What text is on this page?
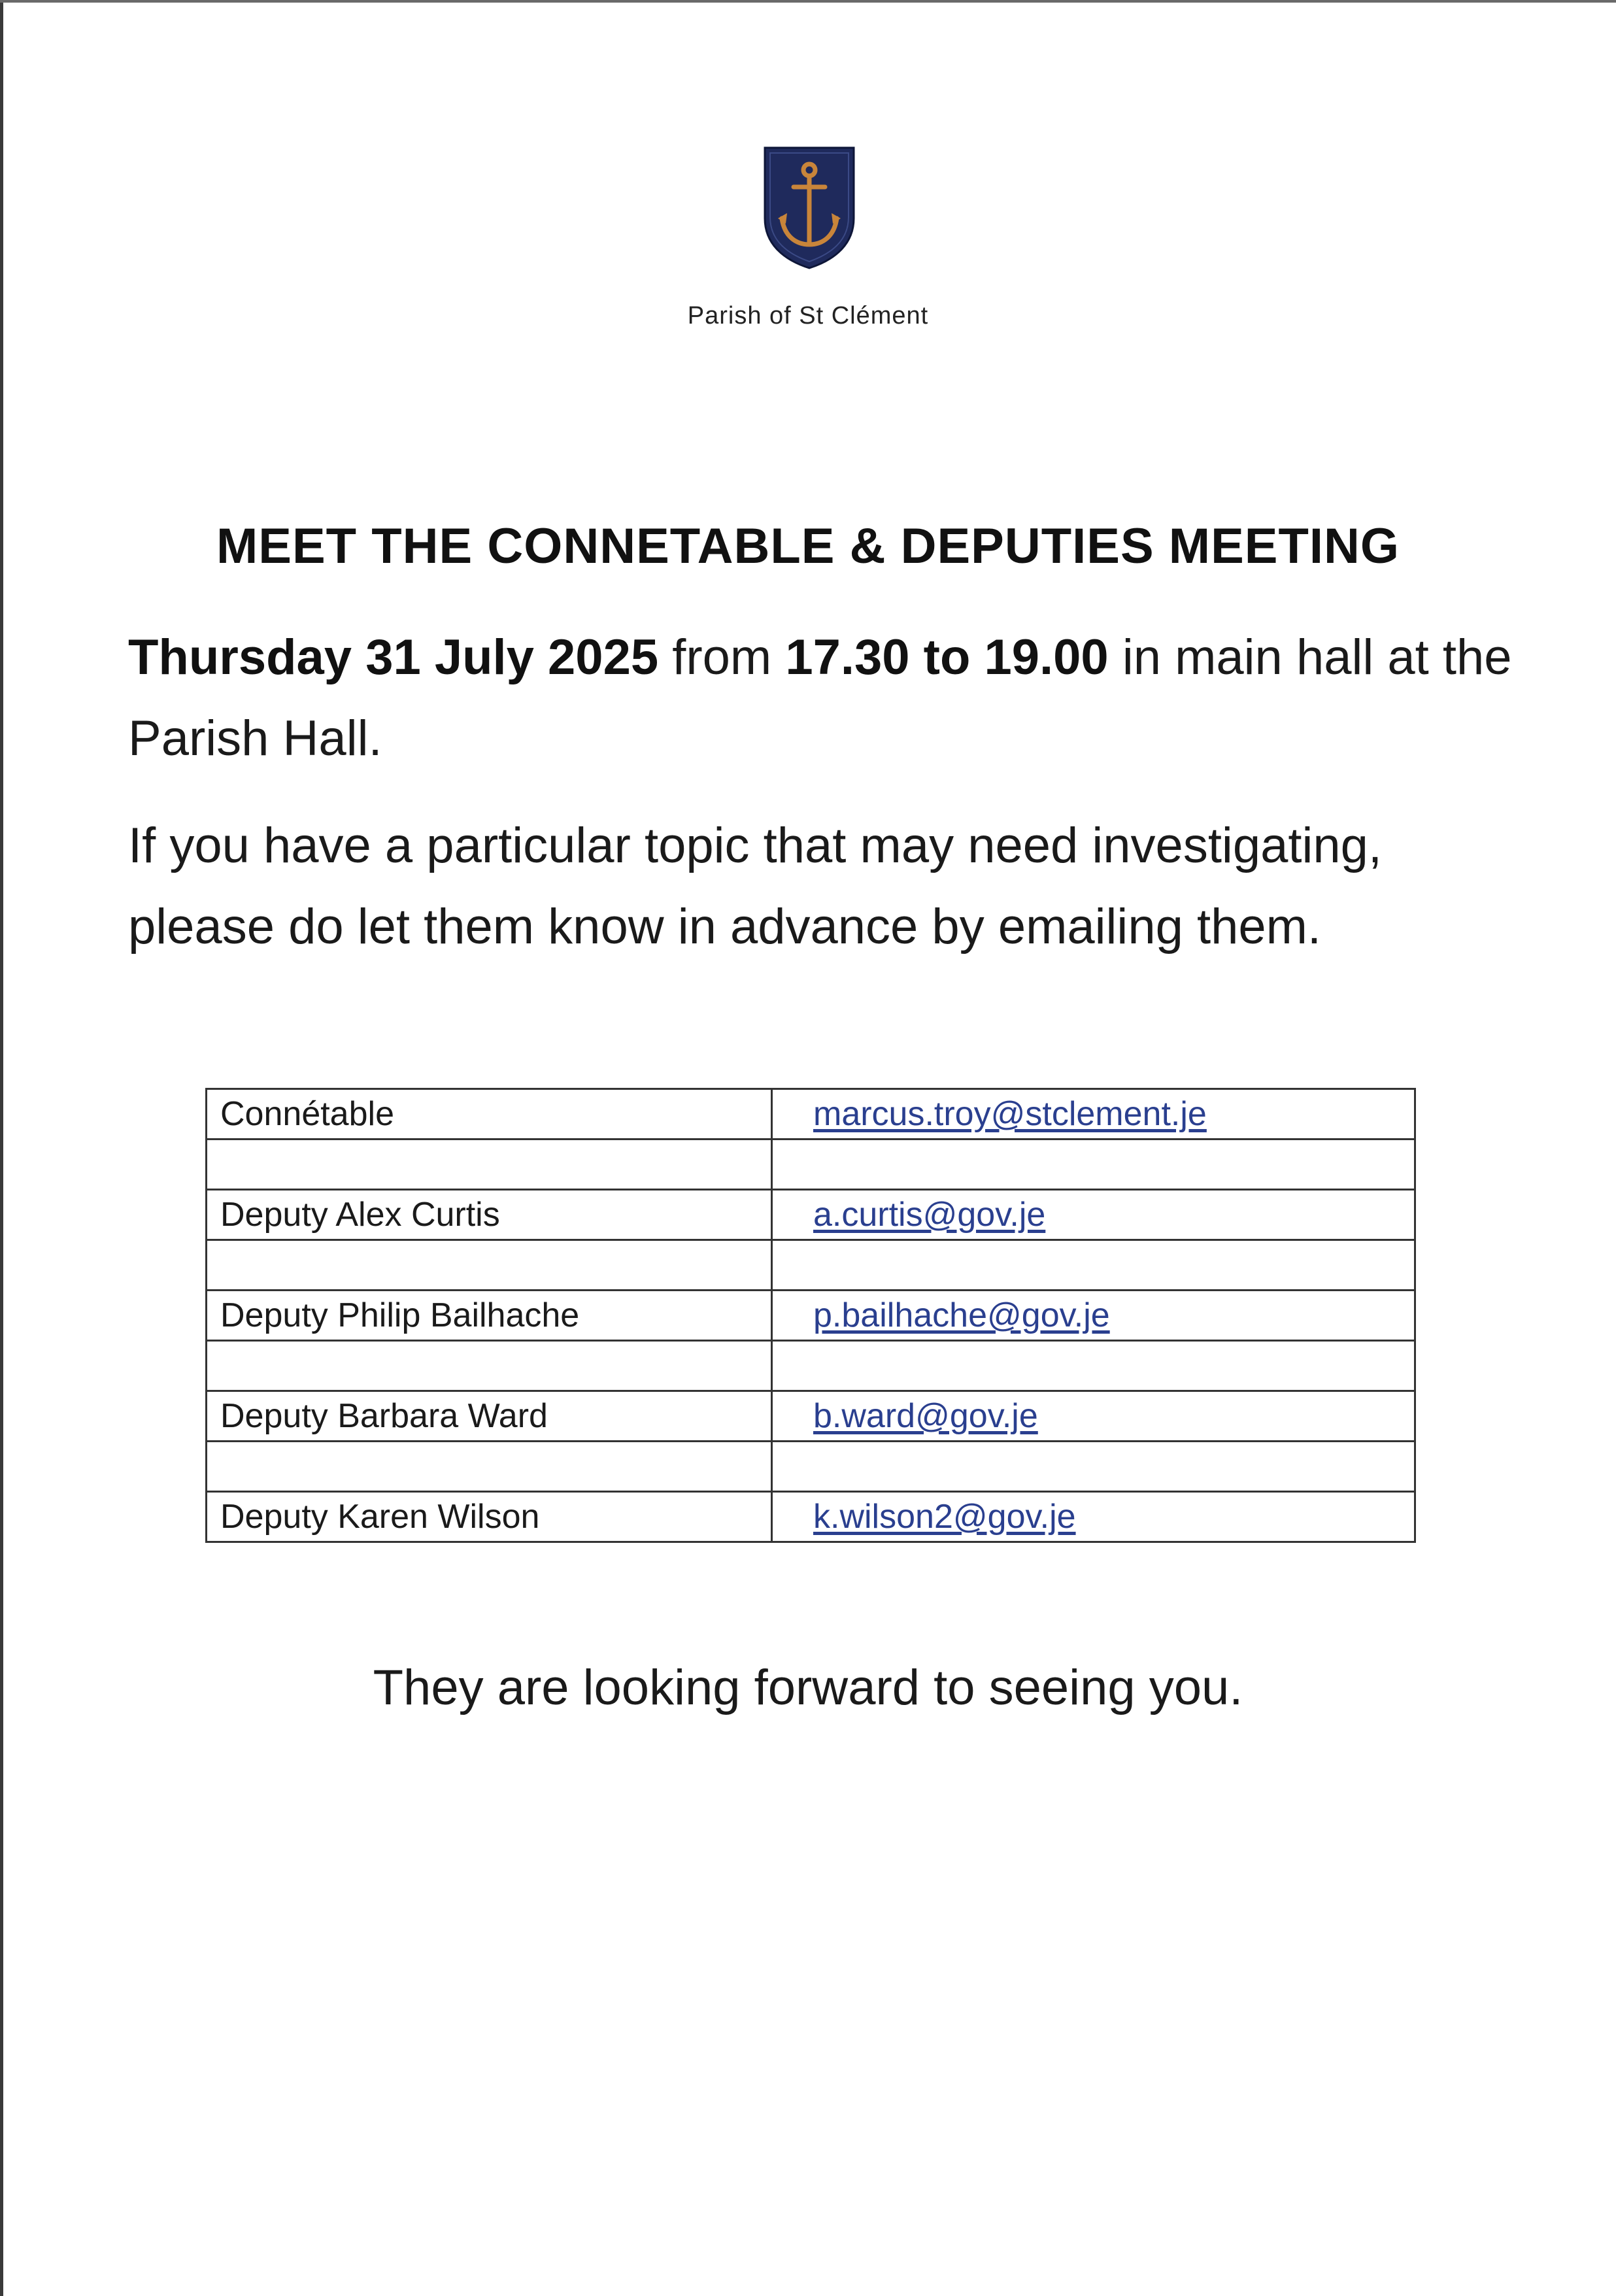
Parish of St Clément
MEET THE CONNETABLE & DEPUTIES MEETING
Thursday 31 July 2025 from 17.30 to 19.00 in main hall at the Parish Hall.
If you have a particular topic that may need investigating, please do let them know in advance by emailing them.
Connétable	marcus.troy@stclement.je

Deputy Alex Curtis	a.curtis@gov.je

Deputy Philip Bailhache	p.bailhache@gov.je

Deputy Barbara Ward	b.ward@gov.je

Deputy Karen Wilson	k.wilson2@gov.je
They are looking forward to seeing you.
